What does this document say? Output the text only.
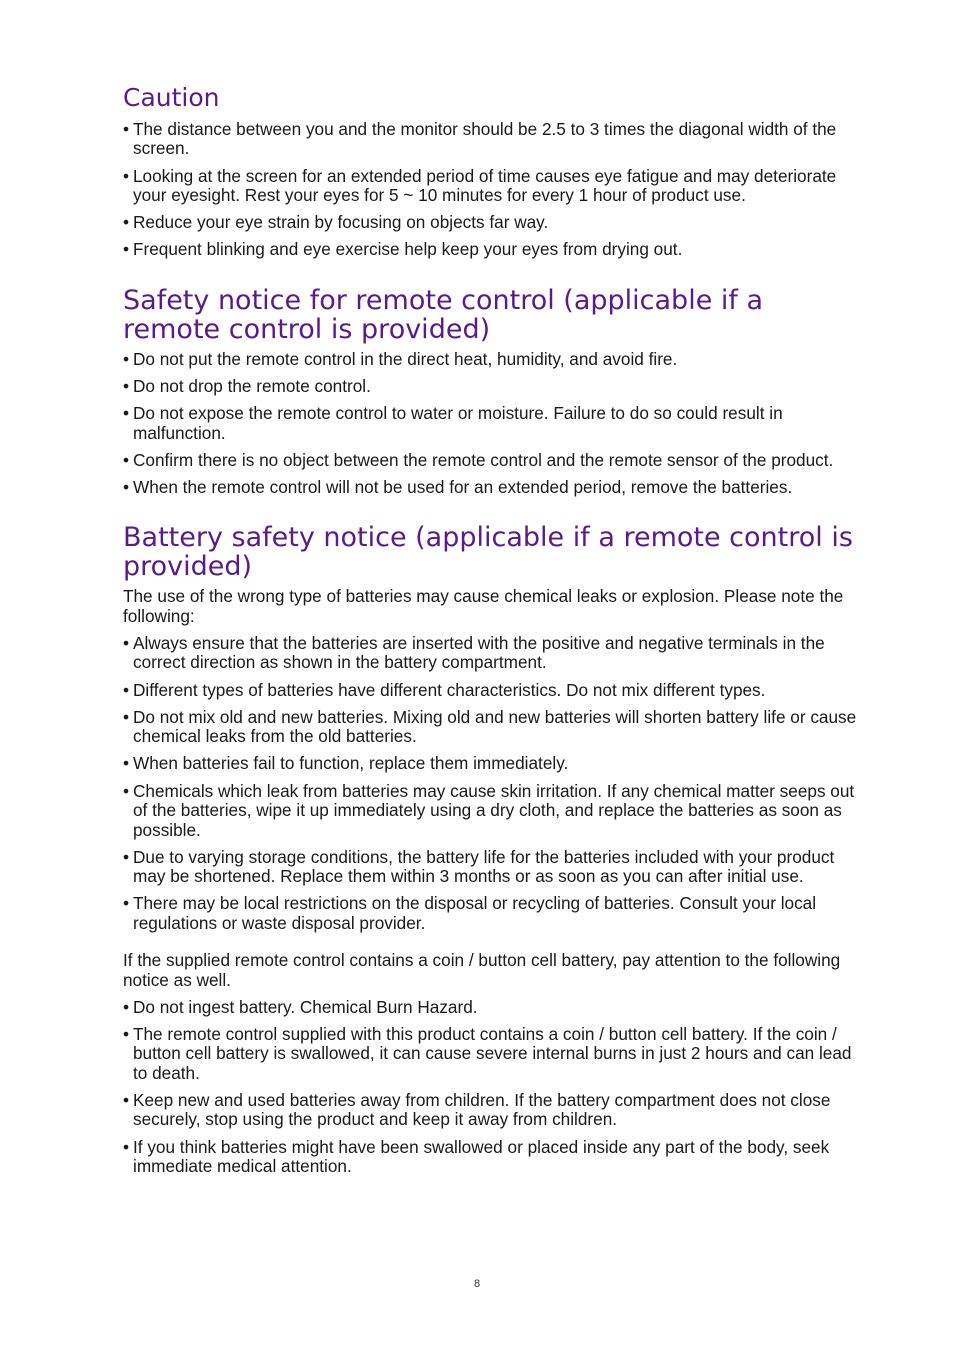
Caution
• The distance between you and the monitor should be 2.5 to 3 times the diagonal width of the screen.
• Looking at the screen for an extended period of time causes eye fatigue and may deteriorate your eyesight. Rest your eyes for 5 ~ 10 minutes for every 1 hour of product use.
• Reduce your eye strain by focusing on objects far way.
• Frequent blinking and eye exercise help keep your eyes from drying out.
Safety notice for remote control (applicable if a remote control is provided)
• Do not put the remote control in the direct heat, humidity, and avoid fire.
• Do not drop the remote control.
• Do not expose the remote control to water or moisture. Failure to do so could result in malfunction.
• Confirm there is no object between the remote control and the remote sensor of the product.
• When the remote control will not be used for an extended period, remove the batteries.
Battery safety notice (applicable if a remote control is provided)

The use of the wrong type of batteries may cause chemical leaks or explosion. Please note the following:

• Always ensure that the batteries are inserted with the positive and negative terminals in the correct direction as shown in the battery compartment.
• Different types of batteries have different characteristics. Do not mix different types.
• Do not mix old and new batteries. Mixing old and new batteries will shorten battery life or cause chemical leaks from the old batteries.
• When batteries fail to function, replace them immediately.
• Chemicals which leak from batteries may cause skin irritation. If any chemical matter seeps out of the batteries, wipe it up immediately using a dry cloth, and replace the batteries as soon as possible.
• Due to varying storage conditions, the battery life for the batteries included with your product may be shortened. Replace them within 3 months or as soon as you can after initial use.
• There may be local restrictions on the disposal or recycling of batteries. Consult your local regulations or waste disposal provider.

If the supplied remote control contains a coin / button cell battery, pay attention to the following notice as well.

• Do not ingest battery. Chemical Burn Hazard.
• The remote control supplied with this product contains a coin / button cell battery. If the coin / button cell battery is swallowed, it can cause severe internal burns in just 2 hours and can lead to death.
• Keep new and used batteries away from children. If the battery compartment does not close securely, stop using the product and keep it away from children.
• If you think batteries might have been swallowed or placed inside any part of the body, seek immediate medical attention.
8
